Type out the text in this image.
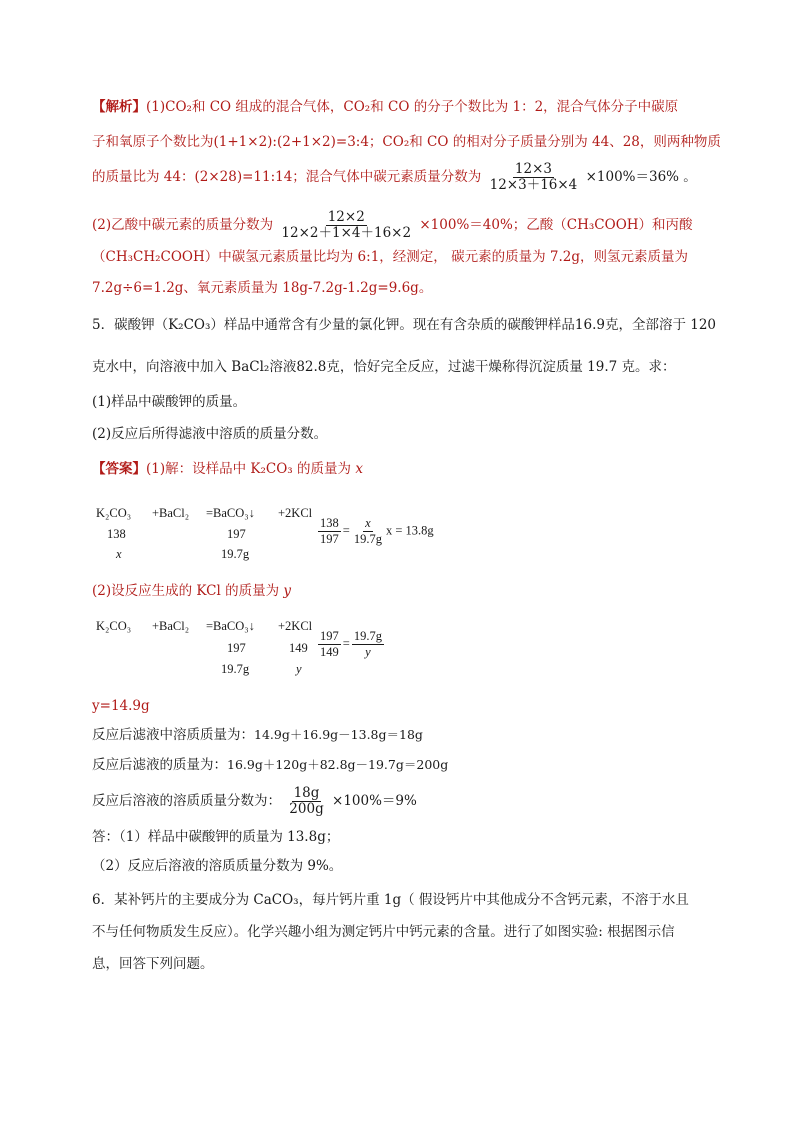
【解析】(1)CO₂和 CO 组成的混合气体，CO₂和 CO 的分子个数比为 1：2，混合气体分子中碳原
子和氧原子个数比为(1+1×2):(2+1×2)=3:4；CO₂和 CO 的相对分子质量分别为 44、28，则两种物质
的质量比为 44：(2×28)=11:14；混合气体中碳元素质量分数为 $\frac{12\times 3}{12\times 3+16\times 4} \times 100\%=36\%$ 。
(2)乙酸中碳元素的质量分数为 $\frac{12\times 2}{12\times 2+1\times 4+16\times 2} \times 100\%=40\%$；乙酸（CH₃COOH）和丙酸
（CH₃CH₂COOH）中碳氢元素质量比均为 6:1，经测定， 碳元素的质量为 7.2g，则氢元素质量为
7.2g÷6=1.2g、氧元素质量为 18g-7.2g-1.2g=9.6g。
5．碳酸钾（K₂CO₃）样品中通常含有少量的氯化钾。现在有含杂质的碳酸钾样品16.9克，全部溶于 120
克水中，向溶液中加入 BaCl₂溶液82.8克，恰好完全反应，过滤干燥称得沉淀质量 19.7 克。求：
(1)样品中碳酸钾的质量。
(2)反应后所得滤液中溶质的质量分数。
【答案】(1)解：设样品中 K₂CO₃ 的质量为 x
K₂CO₃ +BaCl₂ =BaCO₃↓ +2KCl
138	197
x	19.7g
$\frac{138}{197} = \frac{x}{19.7g}$ x = 13.8g
(2)设反应生成的 KCl 的质量为 y
K₂CO₃ +BaCl₂ =BaCO₃↓ +2KCl
197	149
19.7g	y
$\frac{197}{149} = \frac{19.7g}{y}$
y=14.9g
反应后滤液中溶质质量为：14.9g＋16.9g－13.8g＝18g
反应后滤液的质量为：16.9g＋120g＋82.8g－19.7g＝200g
反应后溶液的溶质质量分数为： $\frac{18g}{200g} \times 100\%=9\%$
答：（1）样品中碳酸钾的质量为 13.8g；
（2）反应后溶液的溶质质量分数为 9%。
6．某补钙片的主要成分为 CaCO₃，每片钙片重 1g（ 假设钙片中其他成分不含钙元素，不溶于水且
不与任何物质发生反应）。化学兴趣小组为测定钙片中钙元素的含量。进行了如图实验: 根据图示信
息，回答下列问题。
